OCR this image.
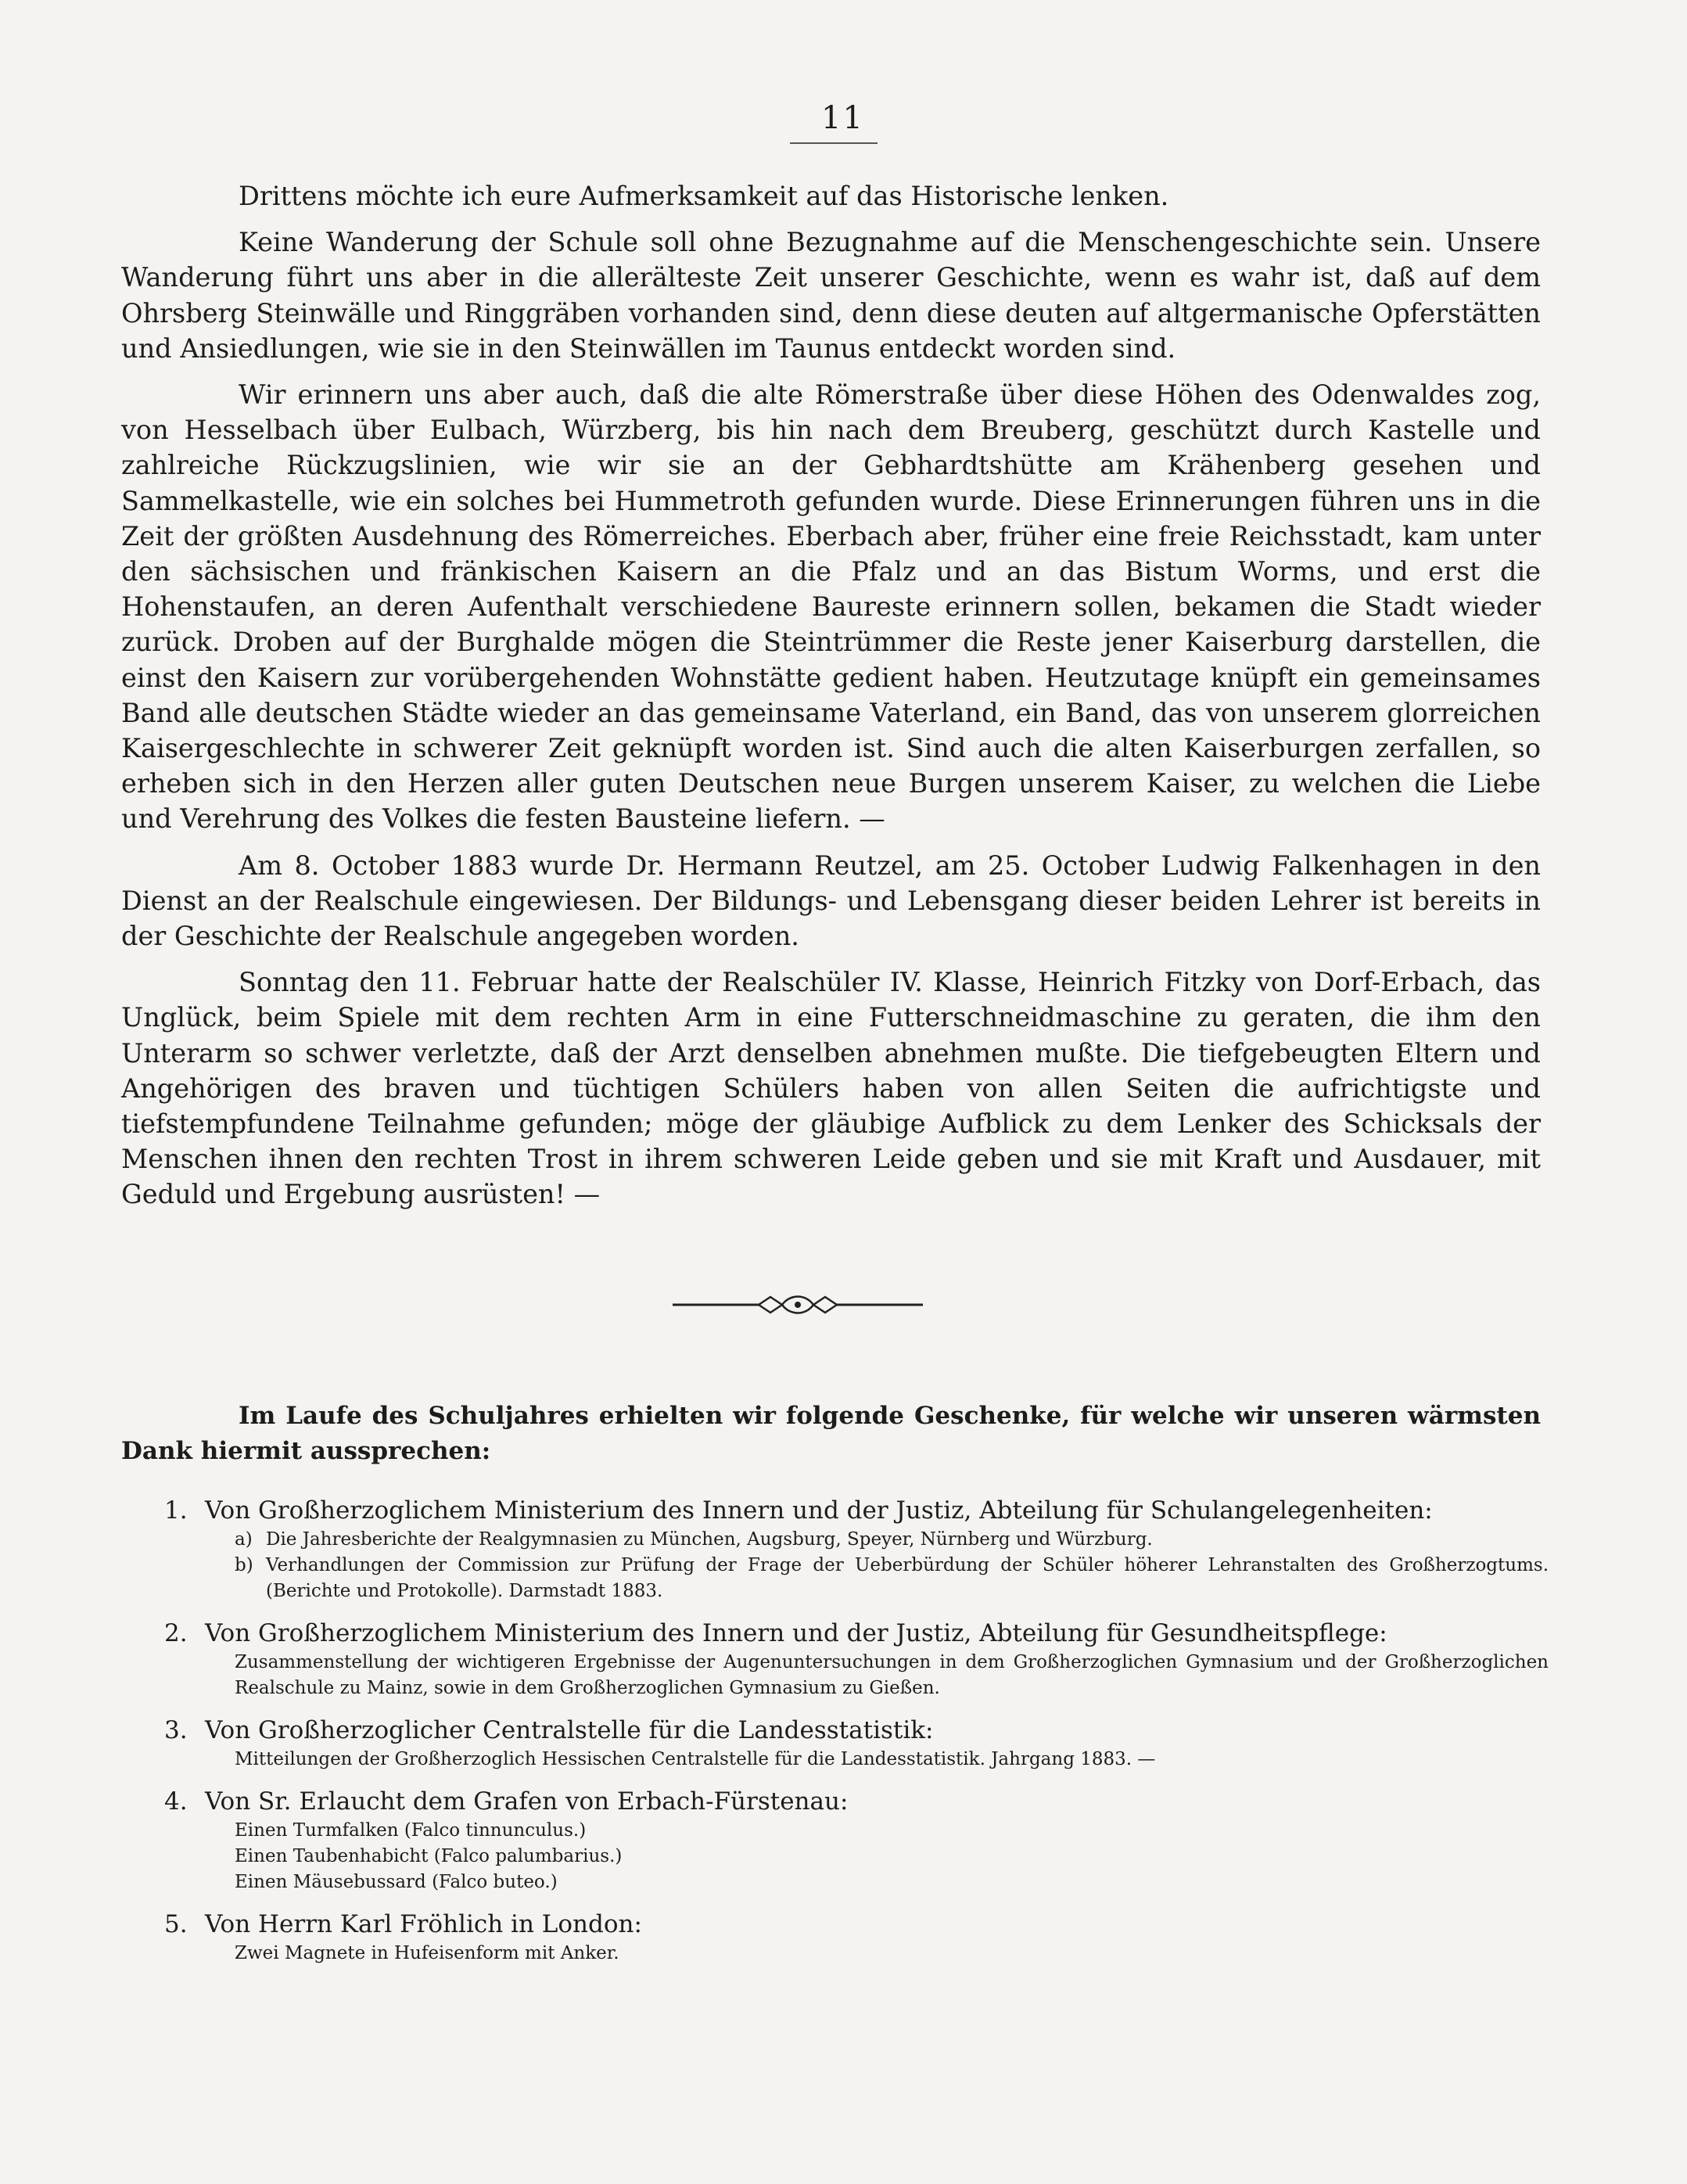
11

Drittens möchte ich eure Aufmerksamkeit auf das Historische lenken.

Keine Wanderung der Schule soll ohne Bezugnahme auf die Menschengeschichte sein. Unsere Wanderung führt uns aber in die allerälteste Zeit unserer Geschichte, wenn es wahr ist, daß auf dem Ohrsberg Steinwälle und Ringgräben vorhanden sind, denn diese deuten auf altgermanische Opferstätten und Ansiedlungen, wie sie in den Steinwällen im Taunus entdeckt worden sind.

Wir erinnern uns aber auch, daß die alte Römerstraße über diese Höhen des Odenwaldes zog, von Hesselbach über Eulbach, Würzberg, bis hin nach dem Breuberg, geschützt durch Kastelle und zahlreiche Rückzugslinien, wie wir sie an der Gebhardtshütte am Krähenberg gesehen und Sammelkastelle, wie ein solches bei Hummetroth gefunden wurde. Diese Erinnerungen führen uns in die Zeit der größten Ausdehnung des Römerreiches. Eberbach aber, früher eine freie Reichsstadt, kam unter den sächsischen und fränkischen Kaisern an die Pfalz und an das Bistum Worms, und erst die Hohenstaufen, an deren Aufenthalt verschiedene Baureste erinnern sollen, bekamen die Stadt wieder zurück. Droben auf der Burghalde mögen die Steintrümmer die Reste jener Kaiserburg darstellen, die einst den Kaisern zur vorübergehenden Wohnstätte gedient haben. Heutzutage knüpft ein gemeinsames Band alle deutschen Städte wieder an das gemeinsame Vaterland, ein Band, das von unserem glorreichen Kaisergeschlechte in schwerer Zeit geknüpft worden ist. Sind auch die alten Kaiserburgen zerfallen, so erheben sich in den Herzen aller guten Deutschen neue Burgen unserem Kaiser, zu welchen die Liebe und Verehrung des Volkes die festen Bausteine liefern. —

Am 8. October 1883 wurde Dr. Hermann Reutzel, am 25. October Ludwig Falkenhagen in den Dienst an der Realschule eingewiesen. Der Bildungs- und Lebensgang dieser beiden Lehrer ist bereits in der Geschichte der Realschule angegeben worden.

Sonntag den 11. Februar hatte der Realschüler IV. Klasse, Heinrich Fitzky von Dorf-Erbach, das Unglück, beim Spiele mit dem rechten Arm in eine Futterschneidmaschine zu geraten, die ihm den Unterarm so schwer verletzte, daß der Arzt denselben abnehmen mußte. Die tiefgebeugten Eltern und Angehörigen des braven und tüchtigen Schülers haben von allen Seiten die aufrichtigste und tiefstempfundene Teilnahme gefunden; möge der gläubige Aufblick zu dem Lenker des Schicksals der Menschen ihnen den rechten Trost in ihrem schweren Leide geben und sie mit Kraft und Ausdauer, mit Geduld und Ergebung ausrüsten! —

Im Laufe des Schuljahres erhielten wir folgende Geschenke, für welche wir unseren wärmsten Dank hiermit aussprechen:
1. Von Großherzoglichem Ministerium des Innern und der Justiz, Abteilung für Schulangelegenheiten:
a) Die Jahresberichte der Realgymnasien zu München, Augsburg, Speyer, Nürnberg und Würzburg.
b) Verhandlungen der Commission zur Prüfung der Frage der Ueberbürdung der Schüler höherer Lehranstalten des Großherzogtums. (Berichte und Protokolle). Darmstadt 1883.
2. Von Großherzoglichem Ministerium des Innern und der Justiz, Abteilung für Gesundheitspflege:
Zusammenstellung der wichtigeren Ergebnisse der Augenuntersuchungen in dem Großherzoglichen Gymnasium und der Großherzoglichen Realschule zu Mainz, sowie in dem Großherzoglichen Gymnasium zu Gießen.
3. Von Großherzoglicher Centralstelle für die Landesstatistik:
Mitteilungen der Großherzoglich Hessischen Centralstelle für die Landesstatistik. Jahrgang 1883. —
4. Von Sr. Erlaucht dem Grafen von Erbach-Fürstenau:
Einen Turmfalken (Falco tinnunculus.)
Einen Taubenhabicht (Falco palumbarius.)
Einen Mäusebussard (Falco buteo.)
5. Von Herrn Karl Fröhlich in London:
Zwei Magnete in Hufeisenform mit Anker.
